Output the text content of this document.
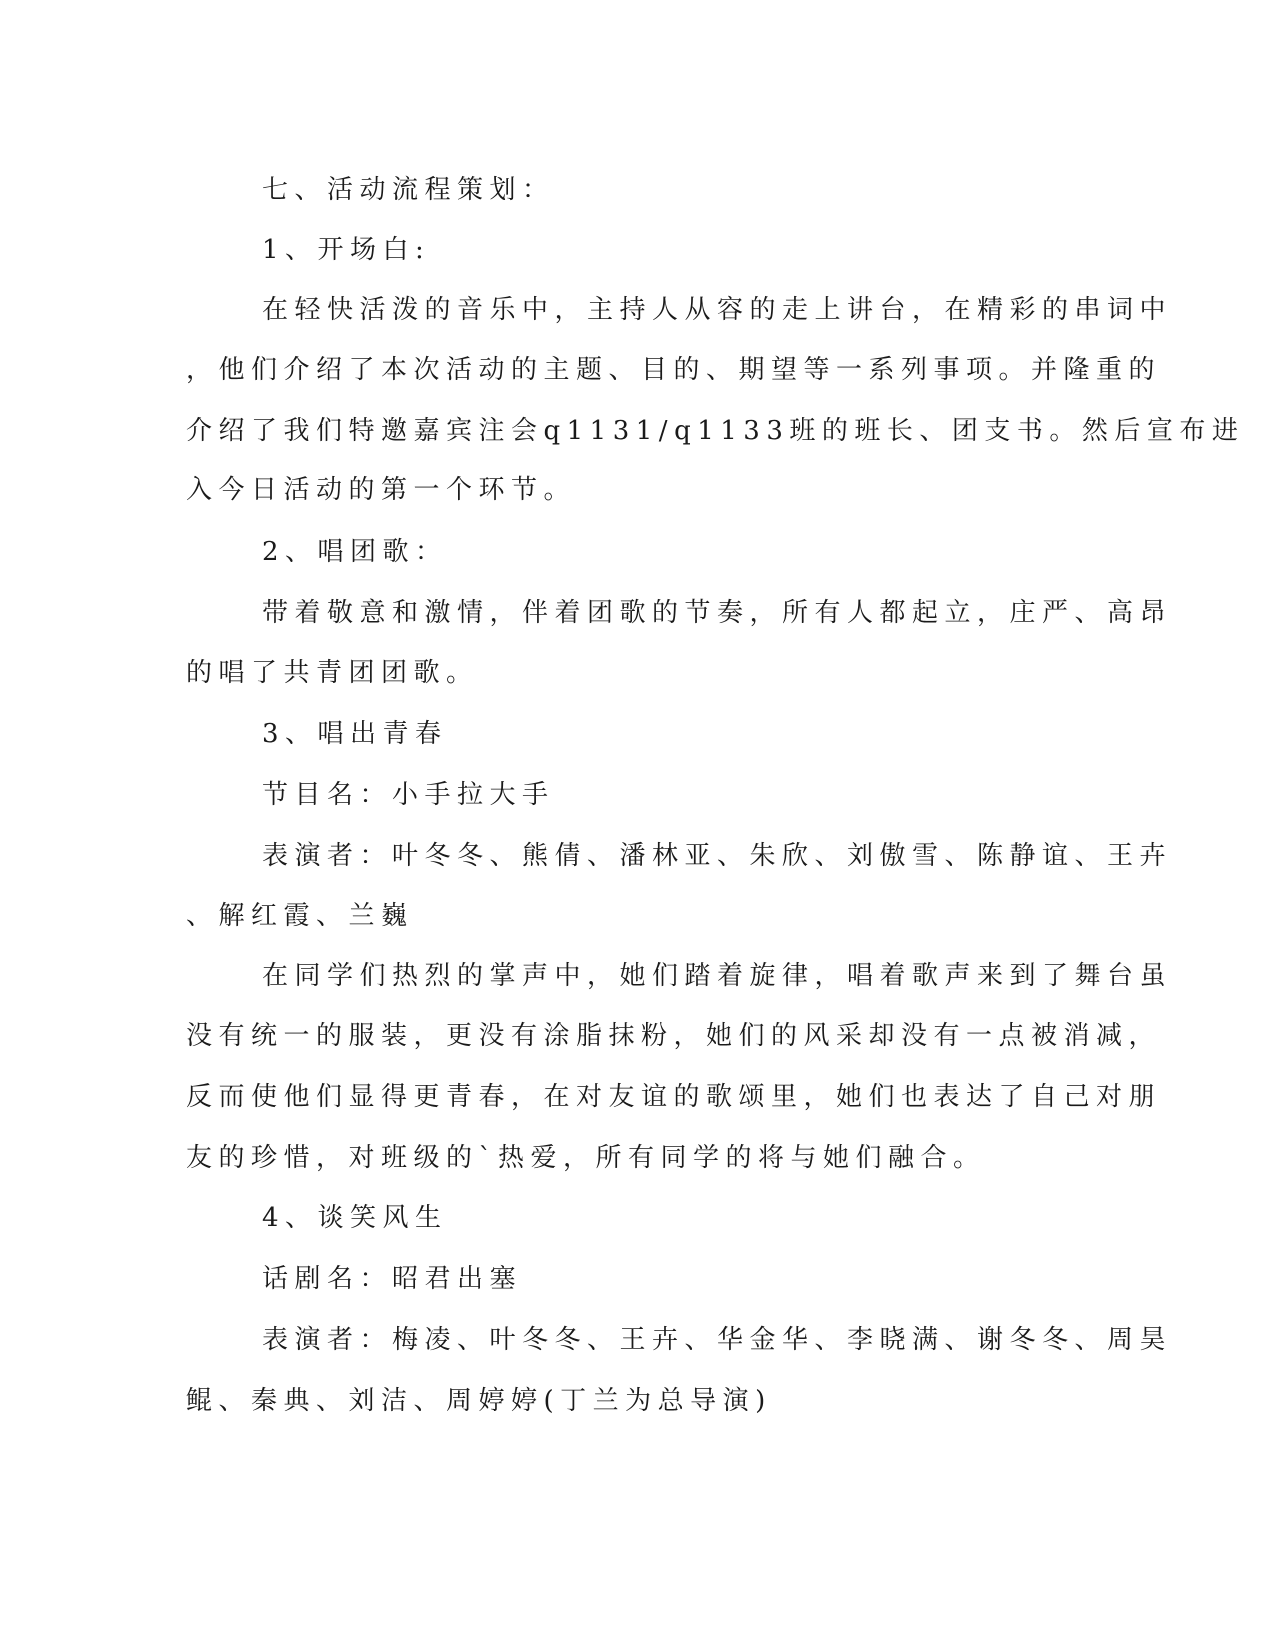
七、活动流程策划：
1、开场白:
在轻快活泼的音乐中，主持人从容的走上讲台，在精彩的串词中
，他们介绍了本次活动的主题、目的、期望等一系列事项。并隆重的
介绍了我们特邀嘉宾注会q1131/q1133班的班长、团支书。然后宣布进
入今日活动的第一个环节。
2、唱团歌：
带着敬意和激情，伴着团歌的节奏，所有人都起立，庄严、高昂
的唱了共青团团歌。
3、唱出青春
节目名：小手拉大手
表演者：叶冬冬、熊倩、潘林亚、朱欣、刘傲雪、陈静谊、王卉
、解红霞、兰巍
在同学们热烈的掌声中，她们踏着旋律，唱着歌声来到了舞台虽
没有统一的服装，更没有涂脂抹粉，她们的风采却没有一点被消减，
反而使他们显得更青春，在对友谊的歌颂里，她们也表达了自己对朋
友的珍惜，对班级的`热爱，所有同学的将与她们融合。
4、谈笑风生
话剧名：昭君出塞
表演者：梅凌、叶冬冬、王卉、华金华、李晓满、谢冬冬、周昊
鲲、秦典、刘洁、周婷婷(丁兰为总导演)
